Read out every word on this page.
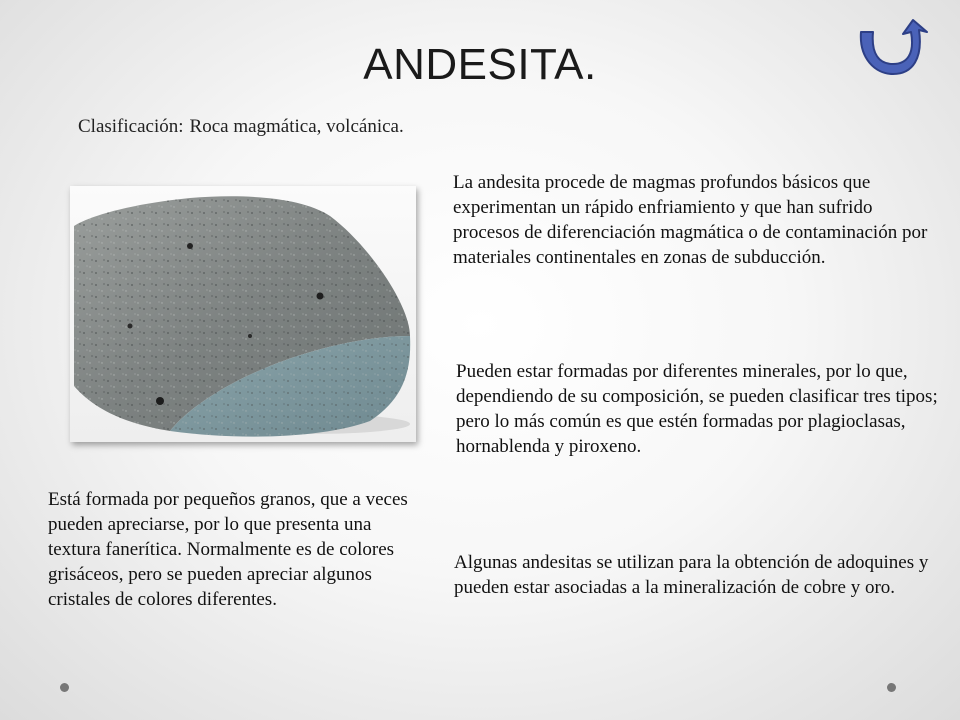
ANDESITA.
Clasificación: Roca magmática, volcánica.
La andesita procede de magmas profundos básicos que experimentan un rápido enfriamiento y que han sufrido procesos de diferenciación magmática o de contaminación por materiales continentales en zonas de subducción.
Pueden estar formadas por diferentes minerales, por lo que, dependiendo de su composición, se pueden clasificar tres tipos; pero lo más común es que estén formadas por plagioclasas, hornablenda y piroxeno.
Está formada por pequeños granos, que a veces pueden apreciarse, por lo que presenta una textura fanerítica. Normalmente es de colores grisáceos, pero se pueden apreciar algunos cristales de colores diferentes.
Algunas andesitas se utilizan para la obtención de adoquines y pueden estar asociadas a la mineralización de cobre y oro.
